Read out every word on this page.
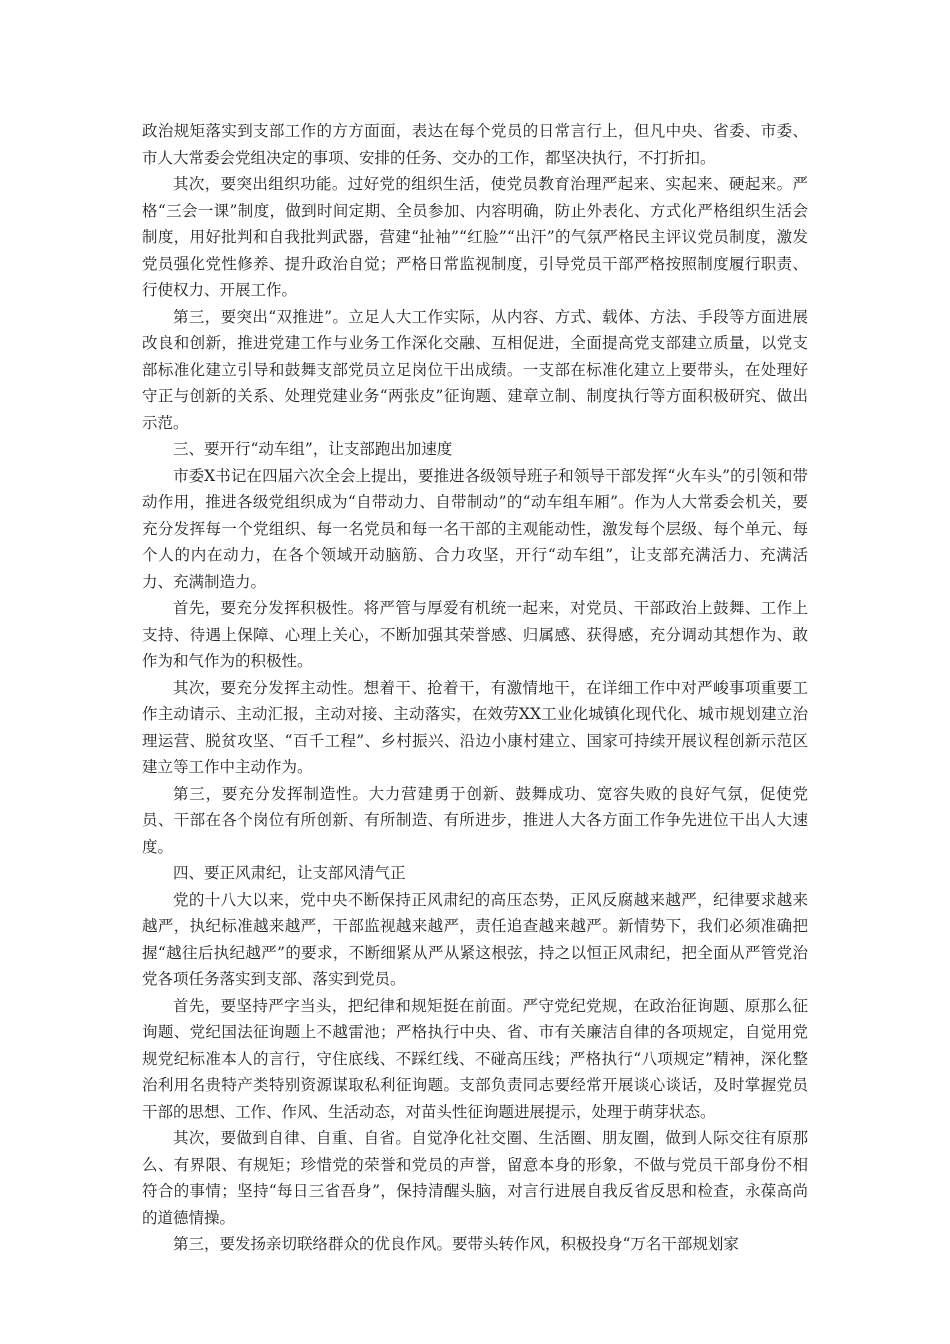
政治规矩落实到支部工作的方方面面，表达在每个党员的日常言行上，但凡中央、省委、市委、市人大常委会党组决定的事项、安排的任务、交办的工作，都坚决执行，不打折扣。

其次，要突出组织功能。过好党的组织生活，使党员教育治理严起来、实起来、硬起来。严格“三会一课”制度，做到时间定期、全员参加、内容明确，防止外表化、方式化严格组织生活会制度，用好批判和自我批判武器，营建“扯袖”“红脸”“出汗”的气氛严格民主评议党员制度，激发党员强化党性修养、提升政治自觉；严格日常监视制度，引导党员干部严格按照制度履行职责、行使权力、开展工作。

第三，要突出“双推进”。立足人大工作实际，从内容、方式、载体、方法、手段等方面进展改良和创新，推进党建工作与业务工作深化交融、互相促进，全面提高党支部建立质量，以党支部标准化建立引导和鼓舞支部党员立足岗位干出成绩。一支部在标准化建立上要带头，在处理好守正与创新的关系、处理党建业务“两张皮”征询题、建章立制、制度执行等方面积极研究、做出示范。

三、要开行“动车组”，让支部跑出加速度

市委X书记在四届六次全会上提出，要推进各级领导班子和领导干部发挥“火车头”的引领和带动作用，推进各级党组织成为“自带动力、自带制动”的“动车组车厢”。作为人大常委会机关，要充分发挥每一个党组织、每一名党员和每一名干部的主观能动性，激发每个层级、每个单元、每个人的内在动力，在各个领域开动脑筋、合力攻坚，开行“动车组”，让支部充满活力、充满活力、充满制造力。

首先，要充分发挥积极性。将严管与厚爱有机统一起来，对党员、干部政治上鼓舞、工作上支持、待遇上保障、心理上关心，不断加强其荣誉感、归属感、获得感，充分调动其想作为、敢作为和气作为的积极性。

其次，要充分发挥主动性。想着干、抢着干，有激情地干，在详细工作中对严峻事项重要工作主动请示、主动汇报，主动对接、主动落实，在效劳XX工业化城镇化现代化、城市规划建立治理运营、脱贫攻坚、“百千工程”、乡村振兴、沿边小康村建立、国家可持续开展议程创新示范区建立等工作中主动作为。

第三，要充分发挥制造性。大力营建勇于创新、鼓舞成功、宽容失败的良好气氛，促使党员、干部在各个岗位有所创新、有所制造、有所进步，推进人大各方面工作争先进位干出人大速度。

四、要正风肃纪，让支部风清气正

党的十八大以来，党中央不断保持正风肃纪的高压态势，正风反腐越来越严，纪律要求越来越严，执纪标准越来越严，干部监视越来越严，责任追查越来越严。新情势下，我们必须准确把握“越往后执纪越严”的要求，不断细紧从严从紧这根弦，持之以恒正风肃纪，把全面从严管党治党各项任务落实到支部、落实到党员。

首先，要坚持严字当头，把纪律和规矩挺在前面。严守党纪党规，在政治征询题、原那么征询题、党纪国法征询题上不越雷池；严格执行中央、省、市有关廉洁自律的各项规定，自觉用党规党纪标准本人的言行，守住底线、不踩红线、不碰高压线；严格执行“八项规定”精神，深化整治利用名贵特产类特别资源谋取私利征询题。支部负责同志要经常开展谈心谈话，及时掌握党员干部的思想、工作、作风、生活动态，对苗头性征询题进展提示，处理于萌芽状态。

其次，要做到自律、自重、自省。自觉净化社交圈、生活圈、朋友圈，做到人际交往有原那么、有界限、有规矩；珍惜党的荣誉和党员的声誉，留意本身的形象，不做与党员干部身份不相符合的事情；坚持“每日三省吾身”，保持清醒头脑，对言行进展自我反省反思和检查，永葆高尚的道德情操。

第三，要发扬亲切联络群众的优良作风。要带头转作风，积极投身“万名干部规划家
